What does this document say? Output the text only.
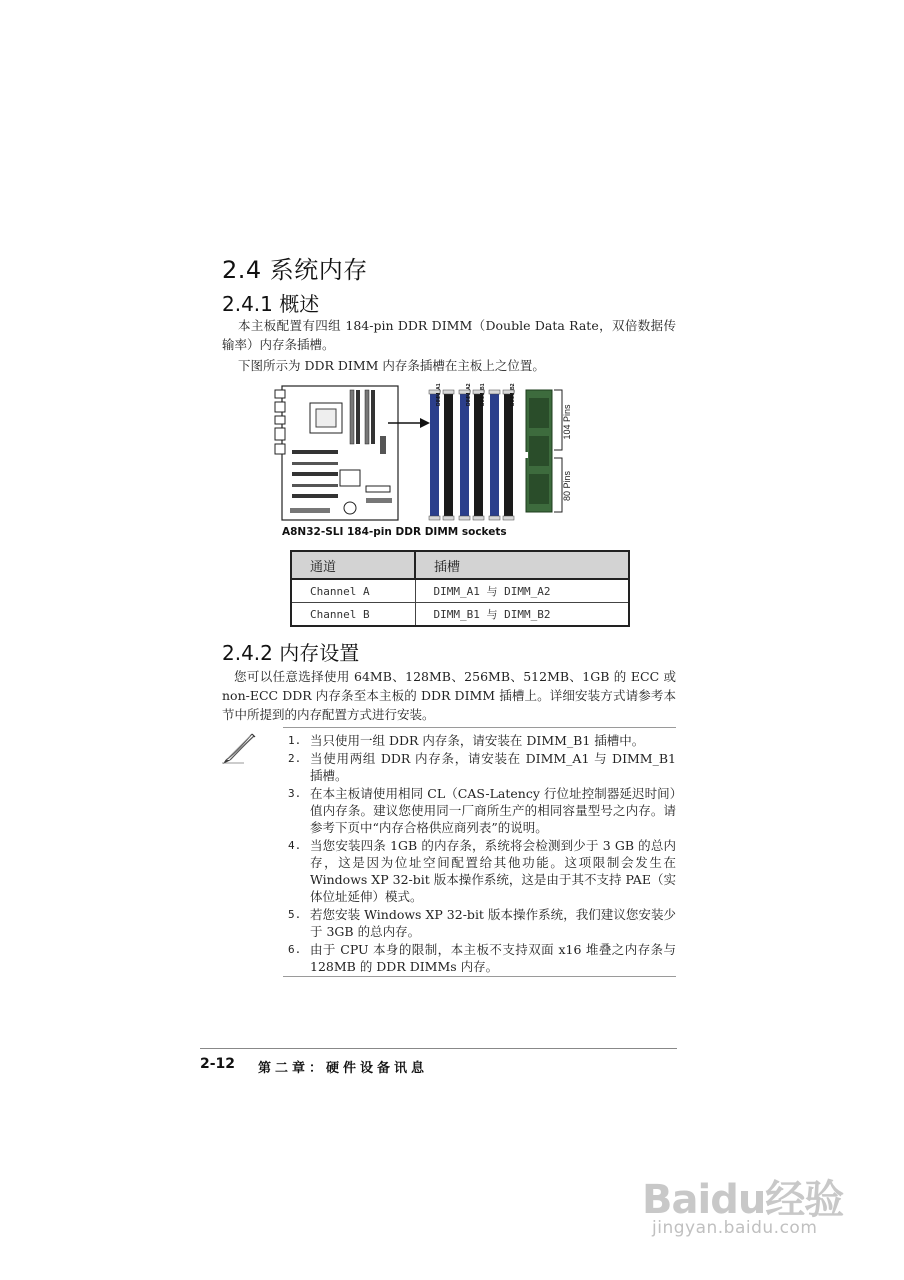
2.4 系统内存
2.4.1 概述
本主板配置有四组 184-pin DDR DIMM（Double Data Rate，双倍数据传输率）内存条插槽。
下图所示为 DDR DIMM 内存条插槽在主板上之位置。
104 Pins
80 Pins
DIMM_A1	DIMM_A2 DIMM_B1	DIMM_B2
A8N32-SLI 184-pin DDR DIMM sockets
通道	插槽
Channel A	DIMM_A1 与 DIMM_A2
Channel B	DIMM_B1 与 DIMM_B2
2.4.2 内存设置
您可以任意选择使用 64MB、128MB、256MB、512MB、1GB 的 ECC 或 non-ECC DDR 内存条至本主板的 DDR DIMM 插槽上。详细安装方式请参考本节中所提到的内存配置方式进行安装。
1. 当只使用一组 DDR 内存条，请安装在 DIMM_B1 插槽中。
2. 当使用两组 DDR 内存条，请安装在 DIMM_A1 与 DIMM_B1 插槽。
3. 在本主板请使用相同 CL（CAS-Latency 行位址控制器延迟时间）值内存条。建议您使用同一厂商所生产的相同容量型号之内存。请参考下页中“内存合格供应商列表”的说明。
4. 当您安装四条 1GB 的内存条，系统将会检测到少于 3 GB 的总内存，这是因为位址空间配置给其他功能。这项限制会发生在 Windows XP 32-bit 版本操作系统，这是由于其不支持 PAE（实体位址延伸）模式。
5. 若您安装 Windows XP 32-bit 版本操作系统，我们建议您安装少于 3GB 的总内存。
6. 由于 CPU 本身的限制，本主板不支持双面 x16 堆叠之内存条与 128MB 的 DDR DIMMs 内存。
2-12 第二章：硬件设备讯息
Baidu经验
jingyan.baidu.com
